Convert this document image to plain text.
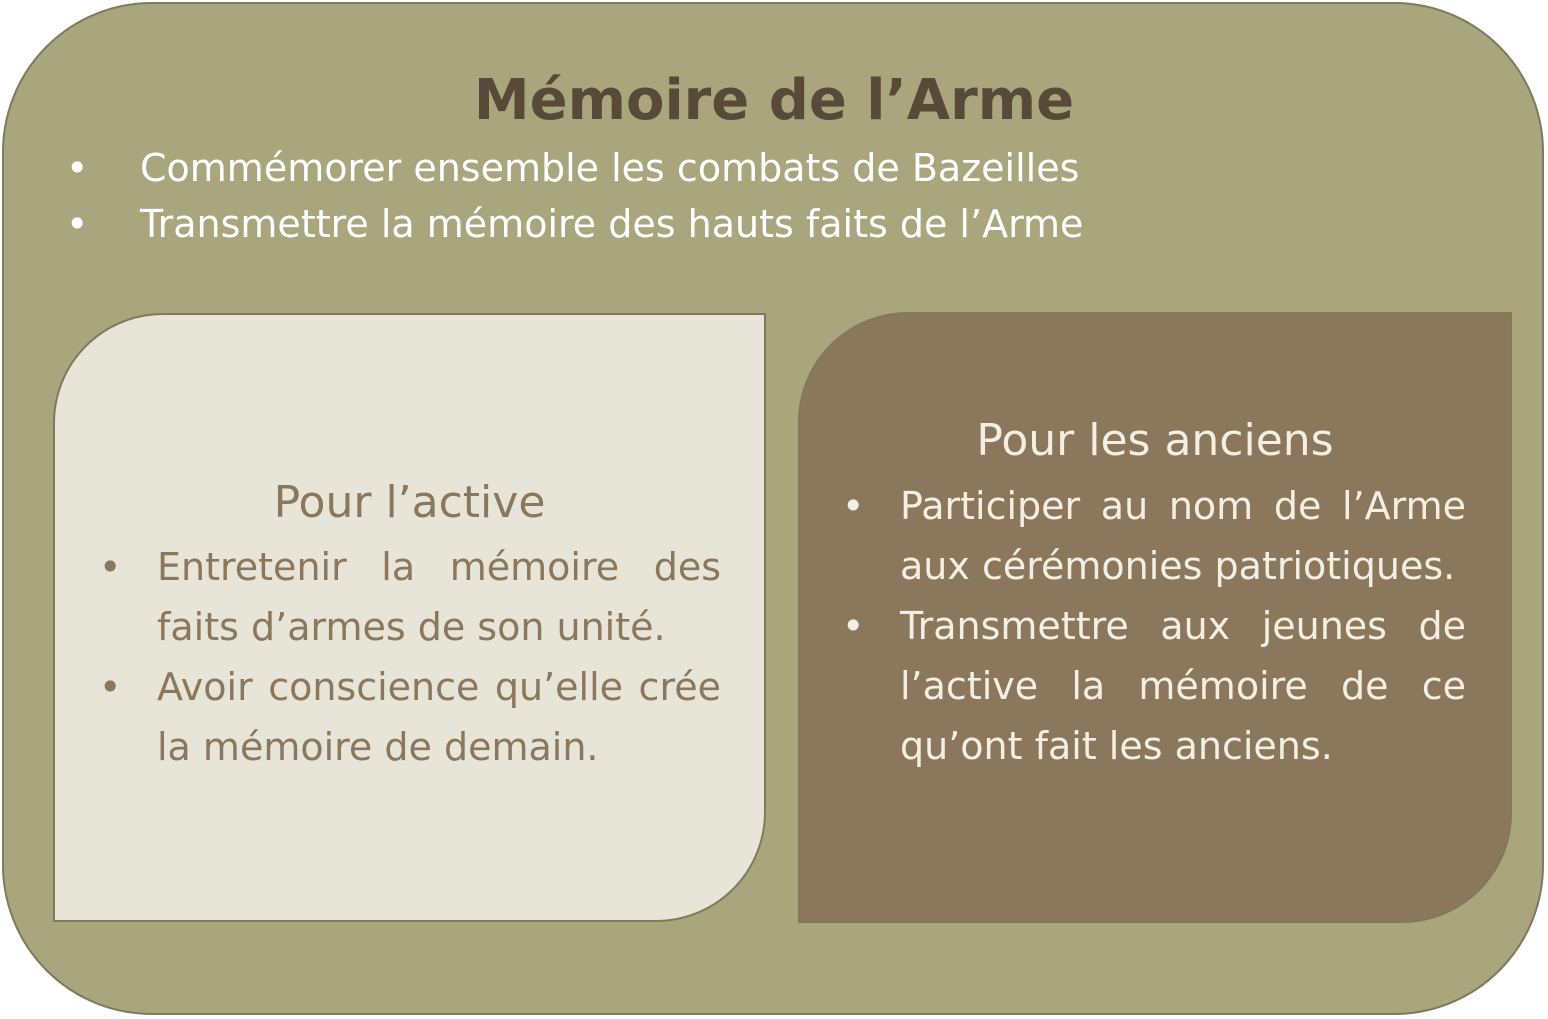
Mémoire de l’Arme
• Commémorer ensemble les combats de Bazeilles
• Transmettre la mémoire des hauts faits de l’Arme
Pour l’active
• Entretenir la mémoire des faits d’armes de son unité.
• Avoir conscience qu’elle crée la mémoire de demain.
Pour les anciens
• Participer au nom de l’Arme aux cérémonies patriotiques.
• Transmettre aux jeunes de l’active la mémoire de ce qu’ont fait les anciens.
